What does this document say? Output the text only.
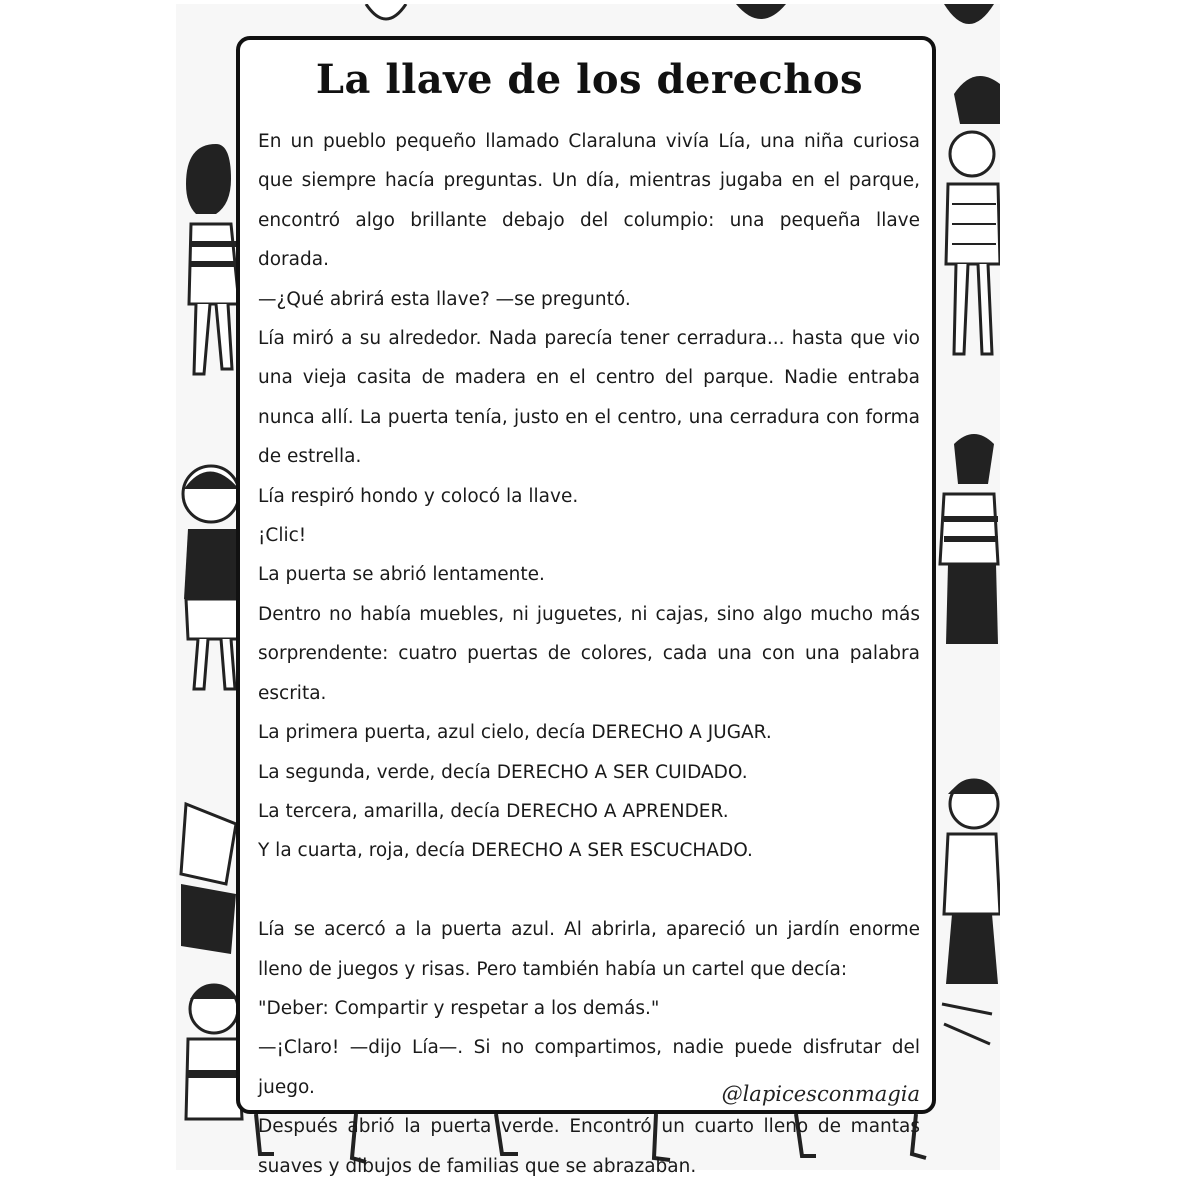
La llave de los derechos

En un pueblo pequeño llamado Claraluna vivía Lía, una niña curiosa que siempre hacía preguntas. Un día, mientras jugaba en el parque, encontró algo brillante debajo del columpio: una pequeña llave dorada.

—¿Qué abrirá esta llave? —se preguntó.

Lía miró a su alrededor. Nada parecía tener cerradura... hasta que vio una vieja casita de madera en el centro del parque. Nadie entraba nunca allí. La puerta tenía, justo en el centro, una cerradura con forma de estrella.

Lía respiró hondo y colocó la llave.

¡Clic!

La puerta se abrió lentamente.

Dentro no había muebles, ni juguetes, ni cajas, sino algo mucho más sorprendente: cuatro puertas de colores, cada una con una palabra escrita.

La primera puerta, azul cielo, decía DERECHO A JUGAR.

La segunda, verde, decía DERECHO A SER CUIDADO.

La tercera, amarilla, decía DERECHO A APRENDER.

Y la cuarta, roja, decía DERECHO A SER ESCUCHADO.

Lía se acercó a la puerta azul. Al abrirla, apareció un jardín enorme lleno de juegos y risas. Pero también había un cartel que decía:

"Deber: Compartir y respetar a los demás."

—¡Claro! —dijo Lía—. Si no compartimos, nadie puede disfrutar del juego.

Después abrió la puerta verde. Encontró un cuarto lleno de mantas suaves y dibujos de familias que se abrazaban.

@lapicesconmagia
